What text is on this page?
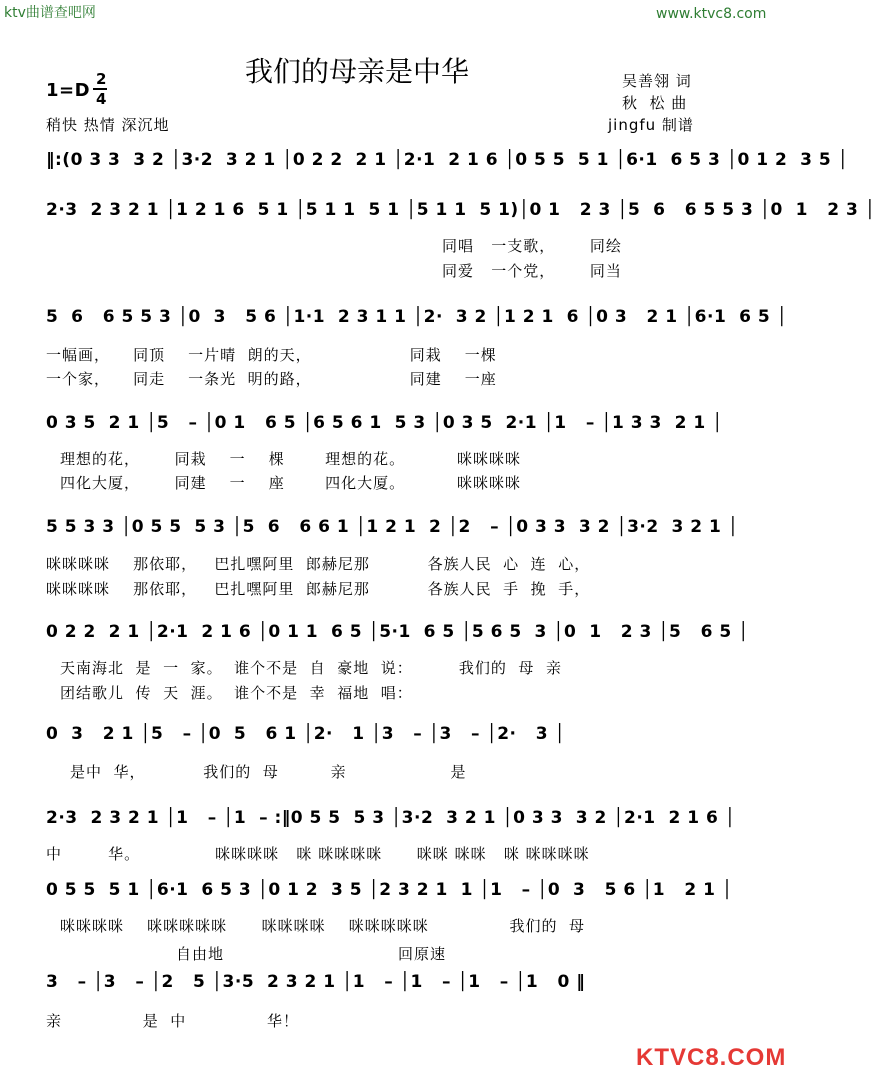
ktv曲谱查吧网	www.ktvc8.com
我们的母亲是中华	吴善翎 词
秋  松 曲
jingfu 制谱
1=D
2
4
稍快 热情 深沉地
‖:(0 3 3  3 2 │3·2  3 2 1 │0 2 2  2 1 │2·1  2 1 6 │0 5 5  5 1 │6·1  6 5 3 │0 1 2  3 5 │
2·3  2 3 2 1 │1 2 1 6  5 1 │5 1 1  5 1 │5 1 1  5 1)│0 1   2 3 │5  6   6 5 5 3 │0  1   2 3 │
同唱   一支歌，      同绘
同爱   一个党，      同当
5  6   6 5 5 3 │0  3   5 6 │1·1  2 3 1 1 │2·  3 2 │1 2 1  6 │0 3   2 1 │6·1  6 5 │
一幅画，    同顶    一片晴  朗的天，                 同栽    一棵
一个家，    同走    一条光  明的路，                 同建    一座
0 3 5  2 1 │5   – │0 1   6 5 │6 5 6 1  5 3 │0 3 5  2·1 │1   – │1 3 3  2 1 │
理想的花，      同栽    一    棵       理想的花。         咪咪咪咪
四化大厦，      同建    一    座       四化大厦。         咪咪咪咪
5 5 3 3 │0 5 5  5 3 │5  6   6 6 1 │1 2 1  2 │2   – │0 3 3  3 2 │3·2  3 2 1 │
咪咪咪咪    那依耶，   巴扎嘿阿里  郎赫尼那          各族人民  心  连  心，
咪咪咪咪    那依耶，   巴扎嘿阿里  郎赫尼那          各族人民  手  挽  手，
0 2 2  2 1 │2·1  2 1 6 │0 1 1  6 5 │5·1  6 5 │5 6 5  3 │0  1   2 3 │5   6 5 │
天南海北  是  一  家。  谁个不是  自  豪地  说：        我们的  母  亲
团结歌儿  传  天  涯。  谁个不是  幸  福地  唱：
0  3   2 1 │5   – │0  5   6 1 │2·   1 │3   – │3   – │2·   3 │
是中  华，          我们的  母         亲                  是
2·3  2 3 2 1 │1   – │1  – :‖0 5 5  5 3 │3·2  3 2 1 │0 3 3  3 2 │2·1  2 1 6 │
中        华。             咪咪咪咪   咪 咪咪咪咪      咪咪 咪咪   咪 咪咪咪咪
0 5 5  5 1 │6·1  6 5 3 │0 1 2  3 5 │2 3 2 1  1 │1   – │0  3   5 6 │1   2 1 │
咪咪咪咪    咪咪咪咪咪      咪咪咪咪    咪咪咪咪咪              我们的  母
自由地	回原速
3   – │3   – │2   5 │3·5  2 3 2 1 │1   – │1   – │1   – │1   0 ‖
亲              是  中              华！
KTVC8.COM
